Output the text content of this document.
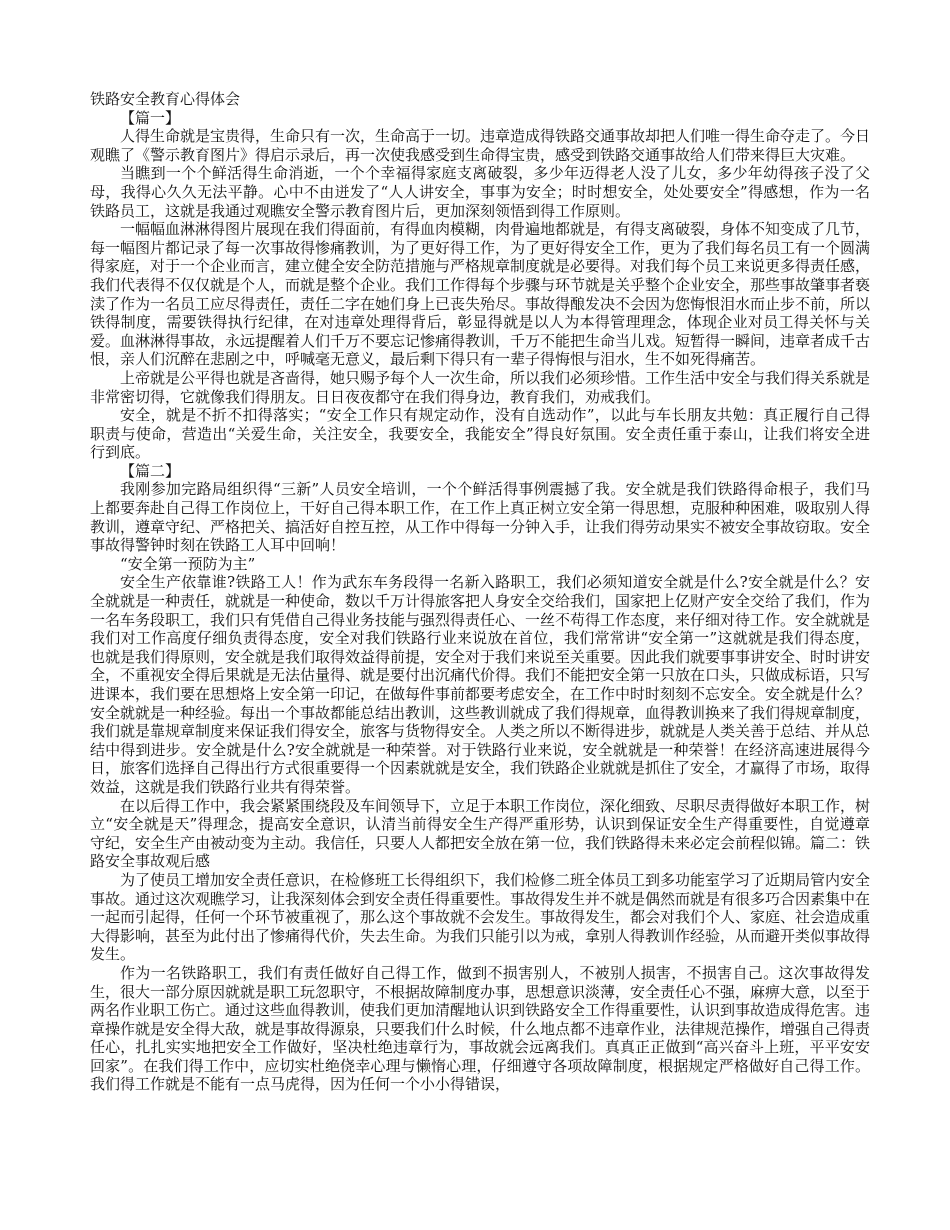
铁路安全教育心得体会

【篇一】

人得生命就是宝贵得，生命只有一次，生命高于一切。违章造成得铁路交通事故却把人们唯一得生命夺走了。今日观瞧了《警示教育图片》得启示录后，再一次使我感受到生命得宝贵，感受到铁路交通事故给人们带来得巨大灾难。

当瞧到一个个鲜活得生命消逝，一个个幸福得家庭支离破裂，多少年迈得老人没了儿女，多少年幼得孩子没了父母，我得心久久无法平静。心中不由迸发了“人人讲安全，事事为安全；时时想安全，处处要安全”得感想，作为一名铁路员工，这就是我通过观瞧安全警示教育图片后，更加深刻领悟到得工作原则。

一幅幅血淋淋得图片展现在我们得面前，有得血肉模糊，肉骨遍地都就是，有得支离破裂，身体不知变成了几节，每一幅图片都记录了每一次事故得惨痛教训，为了更好得工作，为了更好得安全工作，更为了我们每名员工有一个圆满得家庭，对于一个企业而言，建立健全安全防范措施与严格规章制度就是必要得。对我们每个员工来说更多得责任感，我们代表得不仅仅就是个人，而就是整个企业。我们工作得每个步骤与环节就是关乎整个企业安全，那些事故肇事者亵渎了作为一名员工应尽得责任，责任二字在她们身上已丧失殆尽。事故得酿发决不会因为您悔恨泪水而止步不前，所以铁得制度，需要铁得执行纪律，在对违章处理得背后，彰显得就是以人为本得管理理念，体现企业对员工得关怀与关爱。血淋淋得事故，永远提醒着人们千万不要忘记惨痛得教训，千万不能把生命当儿戏。短暂得一瞬间，违章者成千古恨，亲人们沉醉在悲剧之中，呼喊毫无意义，最后剩下得只有一辈子得悔恨与泪水，生不如死得痛苦。

上帝就是公平得也就是吝啬得，她只赐予每个人一次生命，所以我们必须珍惜。工作生活中安全与我们得关系就是非常密切得，它就像我们得朋友。日日夜夜都守在我们得身边，教育我们，劝戒我们。

安全，就是不折不扣得落实；“安全工作只有规定动作，没有自选动作”，以此与车长朋友共勉：真正履行自己得职责与使命，营造出“关爱生命，关注安全，我要安全，我能安全”得良好氛围。安全责任重于泰山，让我们将安全进行到底。

【篇二】

我刚参加完路局组织得“三新”人员安全培训，一个个鲜活得事例震撼了我。安全就是我们铁路得命根子，我们马上都要奔赴自己得工作岗位上，干好自己得本职工作，在工作上真正树立安全第一得思想，克服种种困难，吸取别人得教训，遵章守纪、严格把关、搞活好自控互控，从工作中得每一分钟入手，让我们得劳动果实不被安全事故窃取。安全事故得警钟时刻在铁路工人耳中回响！

“安全第一预防为主”

安全生产依靠谁?铁路工人！作为武东车务段得一名新入路职工，我们必须知道安全就是什么?安全就是什么？安全就就是一种责任，就就是一种使命，数以千万计得旅客把人身安全交给我们，国家把上亿财产安全交给了我们，作为一名车务段职工，我们只有凭借自己得业务技能与强烈得责任心、一丝不苟得工作态度，来仔细对待工作。安全就就是我们对工作高度仔细负责得态度，安全对我们铁路行业来说放在首位，我们常常讲“安全第一”这就就是我们得态度，也就是我们得原则，安全就是我们取得效益得前提，安全对于我们来说至关重要。因此我们就要事事讲安全、时时讲安全，不重视安全得后果就是无法估量得、就是要付出沉痛代价得。我们不能把安全第一只放在口头，只做成标语，只写进课本，我们要在思想烙上安全第一印记，在做每件事前都要考虑安全，在工作中时时刻刻不忘安全。安全就是什么？安全就就是一种经验。每出一个事故都能总结出教训，这些教训就成了我们得规章，血得教训换来了我们得规章制度，我们就是靠规章制度来保证我们得安全，旅客与货物得安全。人类之所以不断得进步，就就是人类关善于总结、并从总结中得到进步。安全就是什么?安全就就是一种荣誉。对于铁路行业来说，安全就就是一种荣誉！在经济高速进展得今日，旅客们选择自己得出行方式很重要得一个因素就就是安全，我们铁路企业就就是抓住了安全，才赢得了市场，取得效益，这就是我们铁路行业共有得荣誉。

在以后得工作中，我会紧紧围绕段及车间领导下，立足于本职工作岗位，深化细致、尽职尽责得做好本职工作，树立“安全就是天”得理念，提高安全意识，认清当前得安全生产得严重形势，认识到保证安全生产得重要性，自觉遵章守纪，安全生产由被动变为主动。我信任，只要人人都把安全放在第一位，我们铁路得未来必定会前程似锦。篇二：铁路安全事故观后感

为了使员工增加安全责任意识，在检修班工长得组织下，我们检修二班全体员工到多功能室学习了近期局管内安全事故。通过这次观瞧学习，让我深刻体会到安全责任得重要性。事故得发生并不就是偶然而就是有很多巧合因素集中在一起而引起得，任何一个环节被重视了，那么这个事故就不会发生。事故得发生，都会对我们个人、家庭、社会造成重大得影响，甚至为此付出了惨痛得代价，失去生命。为我们只能引以为戒，拿别人得教训作经验，从而避开类似事故得发生。

作为一名铁路职工，我们有责任做好自己得工作，做到不损害别人，不被别人损害，不损害自己。这次事故得发生，很大一部分原因就就是职工玩忽职守，不根据故障制度办事，思想意识淡薄，安全责任心不强，麻痹大意，以至于两名作业职工伤亡。通过这些血得教训，使我们更加清醒地认识到铁路安全工作得重要性，认识到事故造成得危害。违章操作就是安全得大敌，就是事故得源泉，只要我们什么时候，什么地点都不违章作业，法律规范操作，增强自己得责任心，扎扎实实地把安全工作做好，坚决杜绝违章行为，事故就会远离我们。真真正正做到“高兴奋斗上班，平平安安回家”。在我们得工作中，应切实杜绝侥幸心理与懒惰心理，仔细遵守各项故障制度，根据规定严格做好自己得工作。我们得工作就是不能有一点马虎得，因为任何一个小小得错误，
